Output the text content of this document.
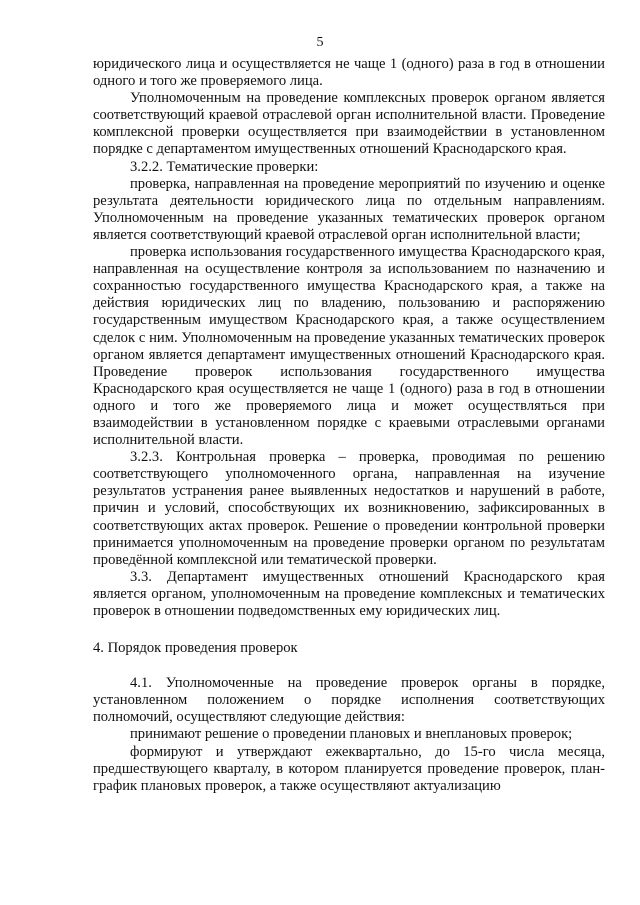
5

юридического лица и осуществляется не чаще 1 (одного) раза в год в отношении одного и того же проверяемого лица.

Уполномоченным на проведение комплексных проверок органом является соответствующий краевой отраслевой орган исполнительной власти. Проведение комплексной проверки осуществляется при взаимодействии в установленном порядке с департаментом имущественных отношений Краснодарского края.

3.2.2. Тематические проверки:

проверка, направленная на проведение мероприятий по изучению и оценке результата деятельности юридического лица по отдельным направлениям. Уполномоченным на проведение указанных тематических проверок органом является соответствующий краевой отраслевой орган исполнительной власти;

проверка использования государственного имущества Краснодарского края, направленная на осуществление контроля за использованием по назначению и сохранностью государственного имущества Краснодарского края, а также на действия юридических лиц по владению, пользованию и распоряжению государственным имуществом Краснодарского края, а также осуществлением сделок с ним. Уполномоченным на проведение указанных тематических проверок органом является департамент имущественных отношений Краснодарского края. Проведение проверок использования государственного имущества Краснодарского края осуществляется не чаще 1 (одного) раза в год в отношении одного и того же проверяемого лица и может осуществляться при взаимодействии в установленном порядке с краевыми отраслевыми органами исполнительной власти.

3.2.3. Контрольная проверка – проверка, проводимая по решению соответствующего уполномоченного органа, направленная на изучение результатов устранения ранее выявленных недостатков и нарушений в работе, причин и условий, способствующих их возникновению, зафиксированных в соответствующих актах проверок. Решение о проведении контрольной проверки принимается уполномоченным на проведение проверки органом по результатам проведённой комплексной или тематической проверки.

3.3. Департамент имущественных отношений Краснодарского края является органом, уполномоченным на проведение комплексных и тематических проверок в отношении подведомственных ему юридических лиц.

4. Порядок проведения проверок

4.1. Уполномоченные на проведение проверок органы в порядке, установленном положением о порядке исполнения соответствующих полномочий, осуществляют следующие действия:

принимают решение о проведении плановых и внеплановых проверок;

формируют и утверждают ежеквартально, до 15-го числа месяца, предшествующего кварталу, в котором планируется проведение проверок, план-график плановых проверок, а также осуществляют актуализацию
